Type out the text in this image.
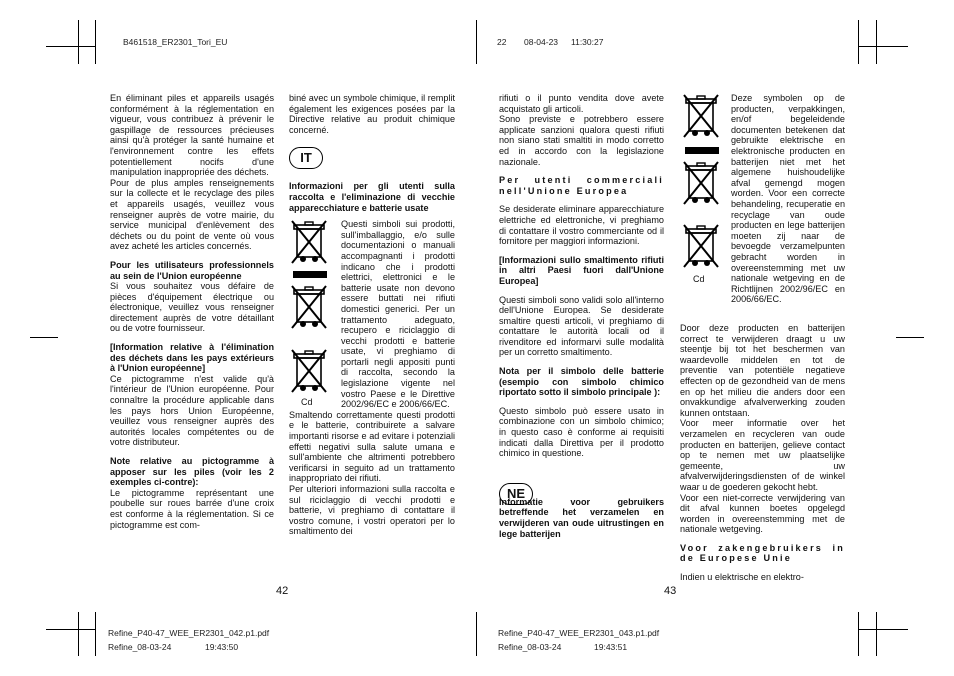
B461518_ER2301_Tori_EU	22 08-04-23 11:30:27
Refine_P40-47_WEE_ER2301_042.p1.pdf
Refine_08-03-24	19:43:50
Refine_P40-47_WEE_ER2301_043.p1.pdf
Refine_08-03-24	19:43:51
42	43

En éliminant piles et appareils usagés conformément à la réglementation en vigueur, vous contribuez à prévenir le gaspillage de ressources précieuses ainsi qu'à protéger la santé humaine et l'environnement contre les effets potentiellement nocifs d'une manipulation inappropriée des déchets.

Pour de plus amples renseignements sur la collecte et le recyclage des piles et appareils usagés, veuillez vous renseigner auprès de votre mairie, du service municipal d'enlèvement des déchets ou du point de vente où vous avez acheté les articles concernés.

Pour les utilisateurs professionnels au sein de l'Union européenne

Si vous souhaitez vous défaire de pièces d'équipement électrique ou électronique, veuillez vous renseigner directement auprès de votre détaillant ou de votre fournisseur.

[Information relative à l'élimination des déchets dans les pays extérieurs à l'Union européenne]

Ce pictogramme n'est valide qu'à l'intérieur de l'Union européenne. Pour connaître la procédure applicable dans les pays hors Union Européenne, veuillez vous renseigner auprès des autorités locales compétentes ou de votre distributeur.

Note relative au pictogramme à apposer sur les piles (voir les 2 exemples ci-contre):

Le pictogramme représentant une poubelle sur roues barrée d'une croix est conforme à la réglementation. Si ce pictogramme est com-

biné avec un symbole chimique, il remplit également les exigences posées par la Directive relative au produit chimique concerné.

Informazioni per gli utenti sulla raccolta e l'eliminazione di vecchie apparecchiature e batterie usate

Cd

Questi simboli sui prodotti, sull'imballaggio, e/o sulle documentazioni o manuali accompagnanti i prodotti indicano che i prodotti elettrici, elettronici e le batterie usate non devono essere buttati nei rifiuti domestici generici. Per un trattamento adeguato, recupero e riciclaggio di vecchi prodotti e batterie usate, vi preghiamo di portarli negli appositi punti di raccolta, secondo la legislazione vigente nel vostro Paese e le Direttive 2002/96/EC e 2006/66/EC.

Smaltendo correttamente questi prodotti e le batterie, contribuirete a salvare importanti risorse e ad evitare i potenziali effetti negativi sulla salute umana e sull'ambiente che altrimenti potrebbero verificarsi in seguito ad un trattamento inappropriato dei rifiuti.

Per ulteriori informazioni sulla raccolta e sul riciclaggio di vecchi prodotti e batterie, vi preghiamo di contattare il vostro comune, i vostri operatori per lo smaltimento dei

IT

rifiuti o il punto vendita dove avete acquistato gli articoli.

Sono previste e potrebbero essere applicate sanzioni qualora questi rifiuti non siano stati smaltiti in modo corretto ed in accordo con la legislazione nazionale.

Per utenti commerciali nell'Unione Europea

Se desiderate eliminare apparecchiature elettriche ed elettroniche, vi preghiamo di contattare il vostro commerciante od il fornitore per maggiori informazioni.

[Informazioni sullo smaltimento rifiuti in altri Paesi fuori dall'Unione Europea]

Questi simboli sono validi solo all'interno dell'Unione Europea. Se desiderate smaltire questi articoli, vi preghiamo di contattare le autorità locali od il rivenditore ed informarvi sulle modalità per un corretto smaltimento.

Nota per il simbolo delle batterie (esempio con simbolo chimico riportato sotto il simbolo principale ):

Questo simbolo può essere usato in combinazione con un simbolo chimico; in questo caso è conforme ai requisiti indicati dalla Direttiva per il prodotto chimico in questione.

Informatie voor gebruikers betreffende het verzamelen en verwijderen van oude uitrustingen en lege batterijen

NE
Cd

Deze symbolen op de producten, verpakkingen, en/of begeleidende documenten betekenen dat gebruikte elektrische en elektronische producten en batterijen niet met het algemene huishoudelijke afval gemengd mogen worden. Voor een correcte behandeling, recuperatie en recyclage van oude producten en lege batterijen moeten zij naar de bevoegde verzamelpunten gebracht worden in overeenstemming met uw nationale wetgeving en de Richtlijnen 2002/96/EC en 2006/66/EC.

Door deze producten en batterijen correct te verwijderen draagt u uw steentje bij tot het beschermen van waardevolle middelen en tot de preventie van potentiële negatieve effecten op de gezondheid van de mens en op het milieu die anders door een onvakkundige afvalverwerking zouden kunnen ontstaan.

Voor meer informatie over het verzamelen en recycleren van oude producten en batterijen, gelieve contact op te nemen met uw plaatselijke gemeente, uw afvalverwijderingsdiensten of de winkel waar u de goederen gekocht hebt.

Voor een niet-correcte verwijdering van dit afval kunnen boetes opgelegd worden in overeenstemming met de nationale wetgeving.

Voor zakengebruikers in de Europese Unie

Indien u elektrische en elektro-
